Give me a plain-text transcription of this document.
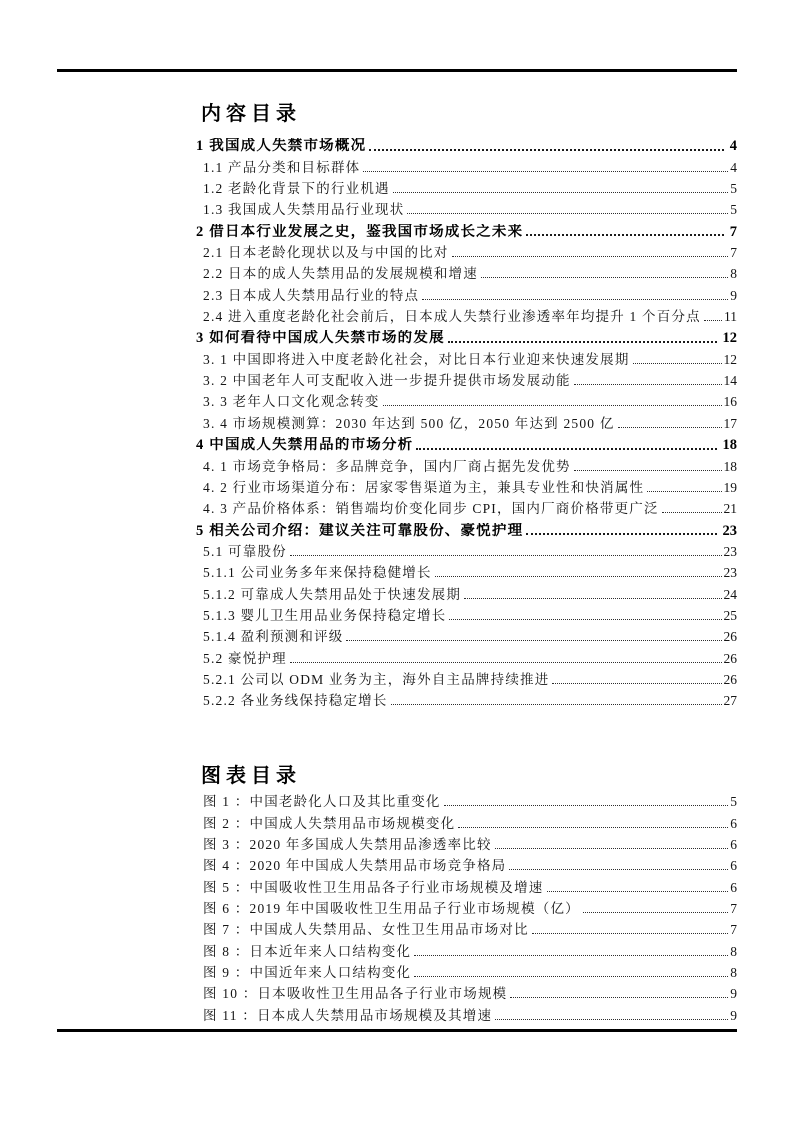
内容目录
1 我国成人失禁市场概况	4
1.1 产品分类和目标群体	4
1.2 老龄化背景下的行业机遇	5
1.3 我国成人失禁用品行业现状	5
2 借日本行业发展之史，鉴我国市场成长之未来	7
2.1 日本老龄化现状以及与中国的比对	7
2.2 日本的成人失禁用品的发展规模和增速	8
2.3 日本成人失禁用品行业的特点	9
2.4 进入重度老龄化社会前后，日本成人失禁行业渗透率年均提升 1 个百分点 11
3 如何看待中国成人失禁市场的发展	12
3. 1 中国即将进入中度老龄化社会，对比日本行业迎来快速发展期	12
3. 2 中国老年人可支配收入进一步提升提供市场发展动能	14
3. 3 老年人口文化观念转变	16
3. 4 市场规模测算：2030 年达到 500 亿，2050 年达到 2500 亿	17
4 中国成人失禁用品的市场分析	18
4. 1 市场竞争格局：多品牌竞争，国内厂商占据先发优势	18
4. 2 行业市场渠道分布：居家零售渠道为主，兼具专业性和快消属性	19
4. 3 产品价格体系：销售端均价变化同步 CPI，国内厂商价格带更广泛	21
5 相关公司介绍：建议关注可靠股份、豪悦护理	23
5.1 可靠股份	23
5.1.1 公司业务多年来保持稳健增长	23
5.1.2 可靠成人失禁用品处于快速发展期	24
5.1.3 婴儿卫生用品业务保持稳定增长	25
5.1.4 盈利预测和评级	26
5.2 豪悦护理	26
5.2.1 公司以 ODM 业务为主，海外自主品牌持续推进	26
5.2.2 各业务线保持稳定增长	27
图表目录
图 1 ：中国老龄化人口及其比重变化	5
图 2 ：中国成人失禁用品市场规模变化	6
图 3 ：2020 年多国成人失禁用品渗透率比较	6
图 4 ：2020 年中国成人失禁用品市场竞争格局	6
图 5 ：中国吸收性卫生用品各子行业市场规模及增速	6
图 6 ：2019 年中国吸收性卫生用品子行业市场规模（亿）	7
图 7 ：中国成人失禁用品、女性卫生用品市场对比	7
图 8 ：日本近年来人口结构变化	8
图 9 ：中国近年来人口结构变化	8
图 10 ：日本吸收性卫生用品各子行业市场规模	9
图 11 ：日本成人失禁用品市场规模及其增速	9
